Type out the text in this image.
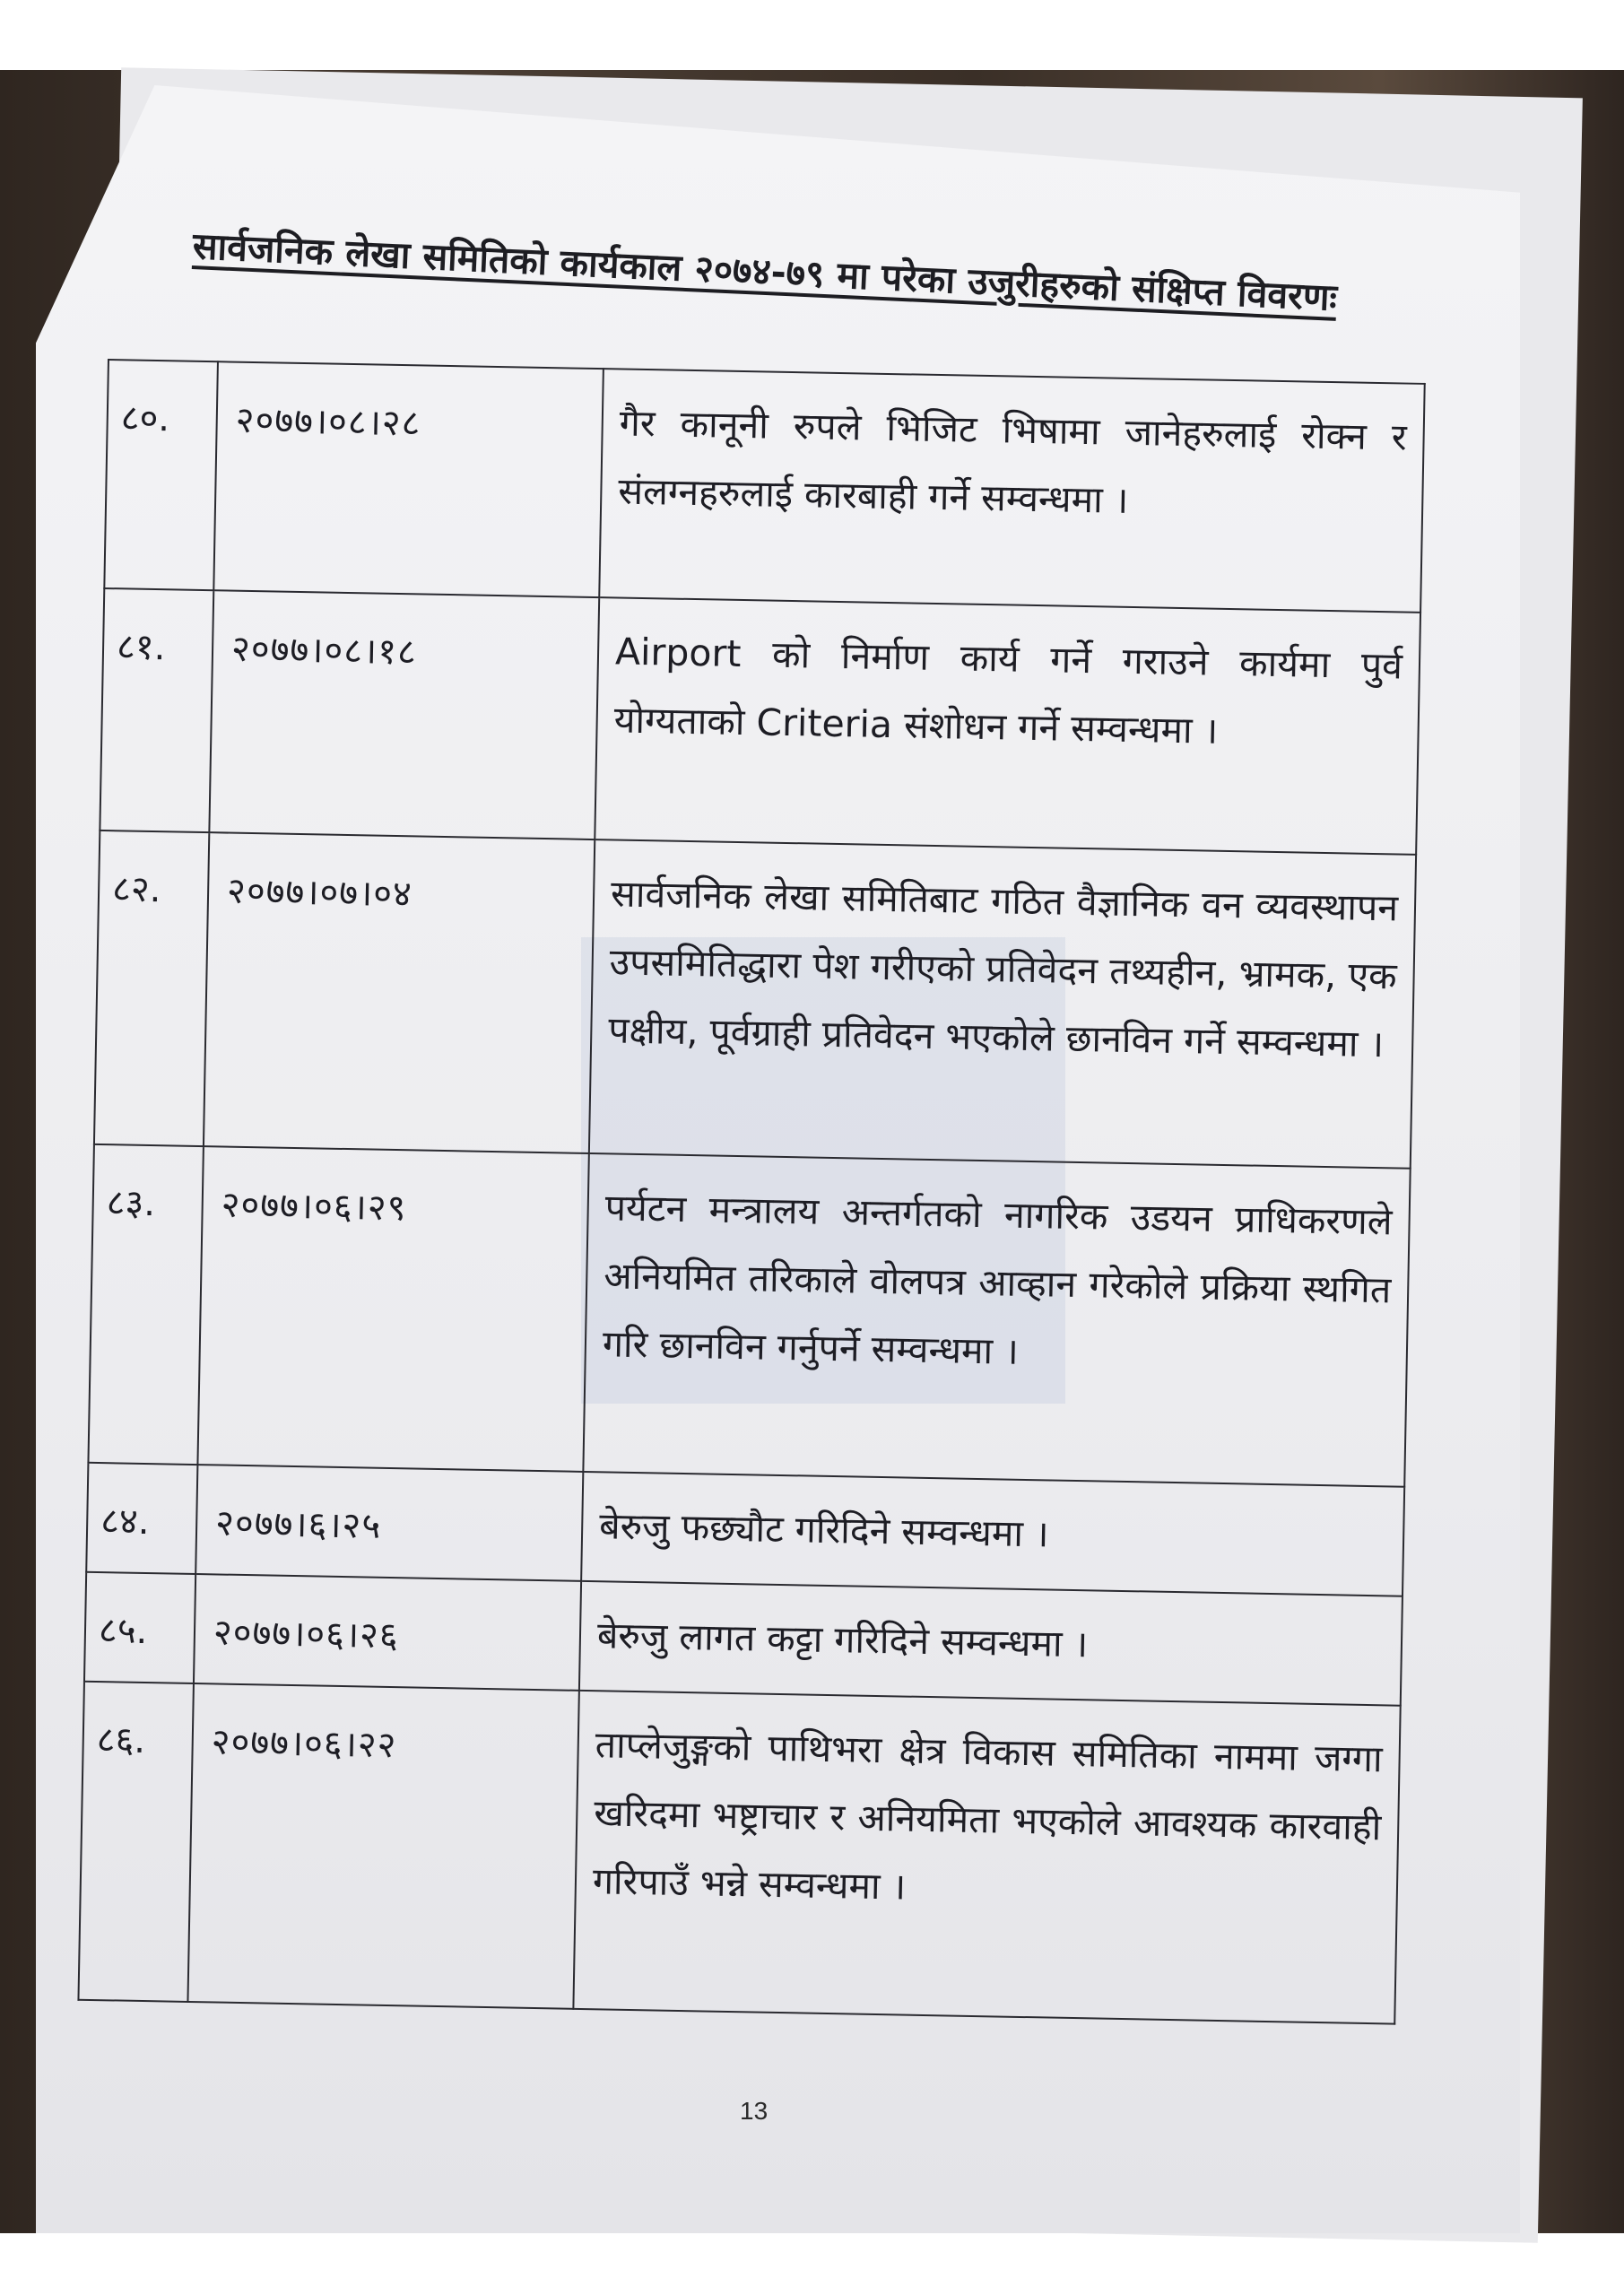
सार्वजनिक लेखा समितिको कार्यकाल २०७४-७९ मा परेका उजुरीहरुको संक्षिप्त विवरणः
८०.	२०७७।०८।२८	गैर कानूनी रुपले भिजिट भिषामा जानेहरुलाई रोक्न र संलग्नहरुलाई कारबाही गर्ने सम्वन्धमा ।
८१.	२०७७।०८।१८	Airport को निर्माण कार्य गर्ने गराउने कार्यमा पुर्व योग्यताको Criteria संशोधन गर्ने सम्वन्धमा ।
८२.	२०७७।०७।०४	सार्वजनिक लेखा समितिबाट गठित वैज्ञानिक वन व्यवस्थापन उपसमितिद्धारा पेश गरीएको प्रतिवेदन तथ्यहीन, भ्रामक, एक पक्षीय, पूर्वग्राही प्रतिवेदन भएकोले छानविन गर्ने सम्वन्धमा ।
८३.	२०७७।०६।२९	पर्यटन मन्त्रालय अन्तर्गतको नागरिक उडयन प्राधिकरणले अनियमित तरिकाले वोलपत्र आव्हान गरेकोले प्रक्रिया स्थगित गरि छानविन गर्नुपर्ने सम्वन्धमा ।
८४.	२०७७।६।२५	बेरुजु फछ्यौट गरिदिने सम्वन्धमा ।
८५.	२०७७।०६।२६	बेरुजु लागत कट्टा गरिदिने सम्वन्धमा ।
८६.	२०७७।०६।२२	ताप्लेजुङ्गको पाथिभरा क्षेत्र विकास समितिका नाममा जग्गा खरिदमा भष्ट्राचार र अनियमिता भएकोले आवश्यक कारवाही गरिपाउँ भन्ने सम्वन्धमा ।
13
